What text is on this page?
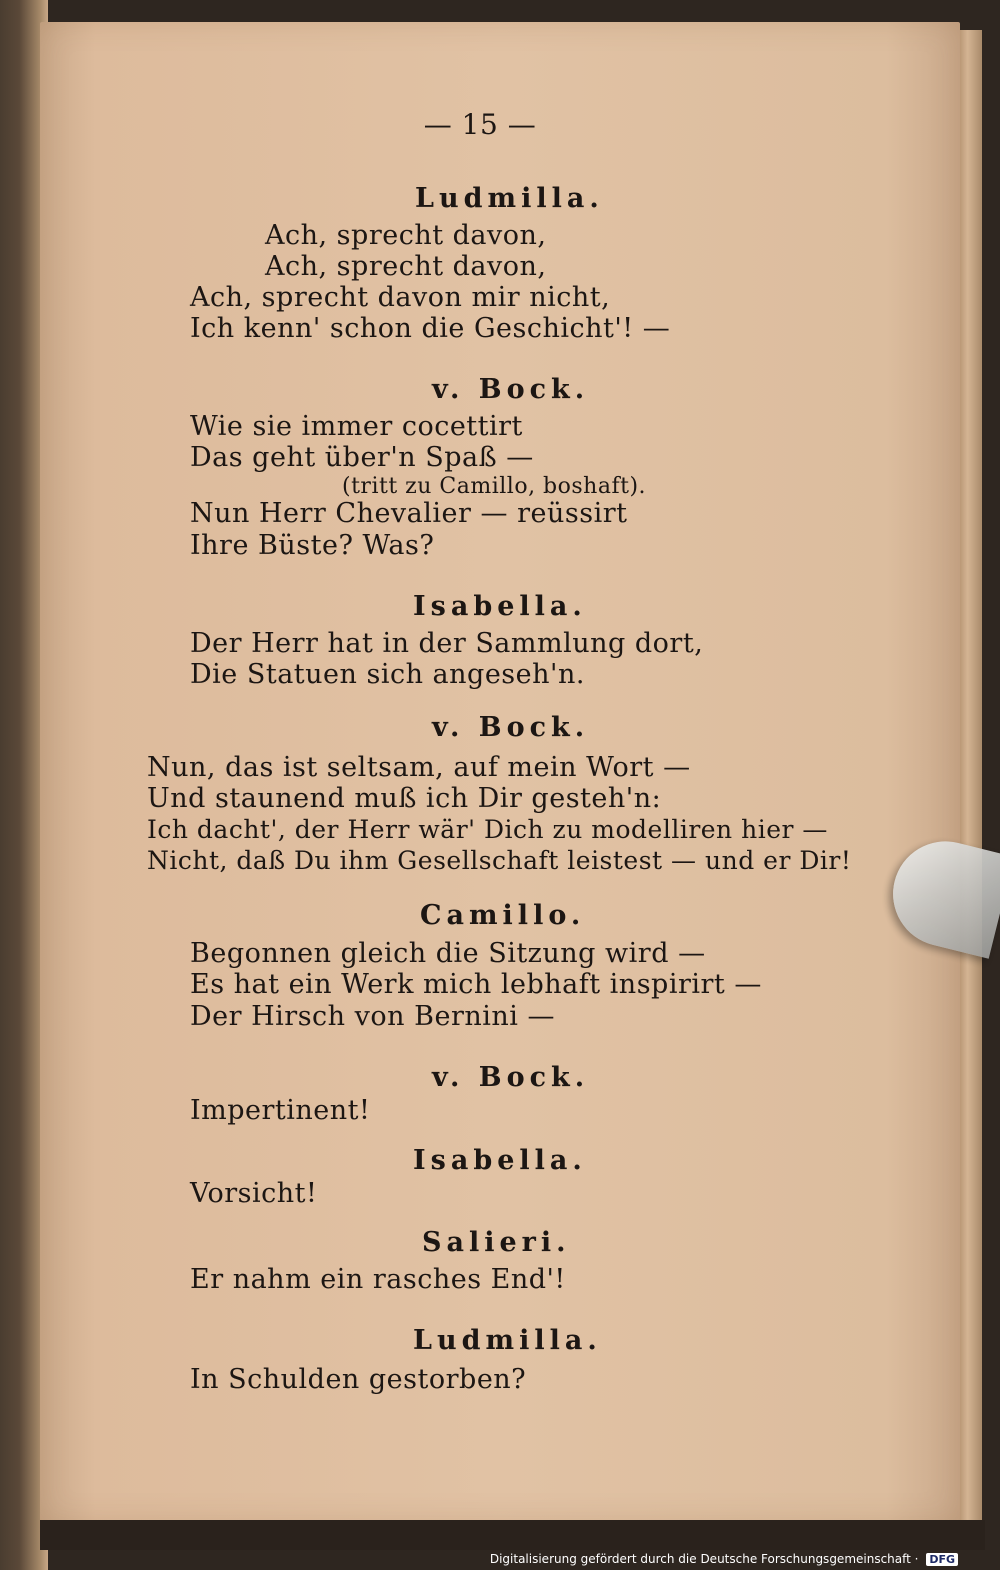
— 15 —
Ludmilla.
Ach, sprecht davon,
Ach, sprecht davon,
Ach, sprecht davon mir nicht,
Ich kenn' schon die Geschicht'! —
v. Bock.
Wie sie immer cocettirt
Das geht über'n Spaß —
(tritt zu Camillo, boshaft).
Nun Herr Chevalier — reüssirt
Ihre Büste? Was?
Isabella.
Der Herr hat in der Sammlung dort,
Die Statuen sich angeseh'n.
v. Bock.
Nun, das ist seltsam, auf mein Wort —
Und staunend muß ich Dir gesteh'n:
Ich dacht', der Herr wär' Dich zu modelliren hier —
Nicht, daß Du ihm Gesellschaft leistest — und er Dir!
Camillo.
Begonnen gleich die Sitzung wird —
Es hat ein Werk mich lebhaft inspirirt —
Der Hirsch von Bernini —
v. Bock.
Impertinent!
Isabella.
Vorsicht!
Salieri.
Er nahm ein rasches End'!
Ludmilla.
In Schulden gestorben?
Digitalisierung gefördert durch die Deutsche Forschungsgemeinschaft · DFG
